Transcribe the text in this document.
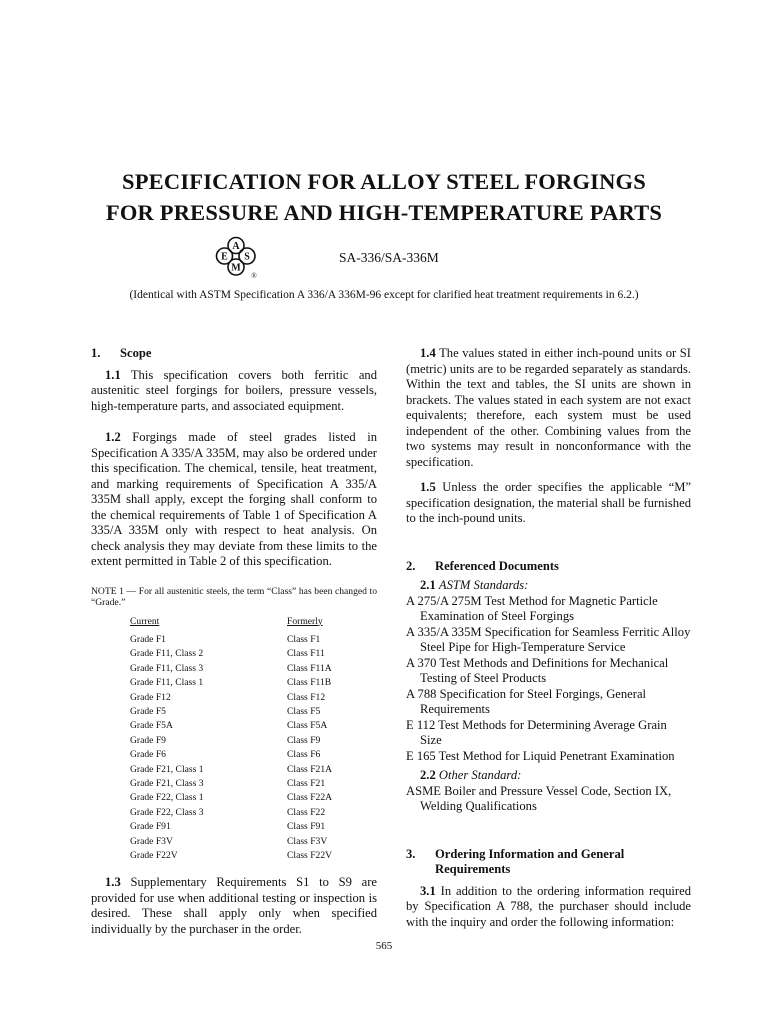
SPECIFICATION FOR ALLOY STEEL FORGINGS
FOR PRESSURE AND HIGH-TEMPERATURE PARTS
A
E S
M
®
SA-336/SA-336M
(Identical with ASTM Specification A 336/A 336M-96 except for clarified heat treatment requirements in 6.2.)
1.	Scope

1.1 This specification covers both ferritic and austenitic steel forgings for boilers, pressure vessels, high-temperature parts, and associated equipment.

1.2 Forgings made of steel grades listed in Specification A 335/A 335M, may also be ordered under this specification. The chemical, tensile, heat treatment, and marking requirements of Specification A 335/A 335M shall apply, except the forging shall conform to the chemical requirements of Table 1 of Specification A 335/A 335M only with respect to heat analysis. On check analysis they may deviate from these limits to the extent permitted in Table 2 of this specification.

NOTE 1 — For all austenitic steels, the term “Class” has been changed to “Grade.”
Current	Formerly
Grade F1	Class F1
Grade F11, Class 2	Class F11
Grade F11, Class 3	Class F11A
Grade F11, Class 1	Class F11B
Grade F12	Class F12
Grade F5	Class F5
Grade F5A	Class F5A
Grade F9	Class F9
Grade F6	Class F6
Grade F21, Class 1	Class F21A
Grade F21, Class 3	Class F21
Grade F22, Class 1	Class F22A
Grade F22, Class 3	Class F22
Grade F91	Class F91
Grade F3V	Class F3V
Grade F22V	Class F22V

1.3 Supplementary Requirements S1 to S9 are provided for use when additional testing or inspection is desired. These shall apply only when specified individually by the purchaser in the order.

1.4 The values stated in either inch-pound units or SI (metric) units are to be regarded separately as standards. Within the text and tables, the SI units are shown in brackets. The values stated in each system are not exact equivalents; therefore, each system must be used independent of the other. Combining values from the two systems may result in nonconformance with the specification.

1.5 Unless the order specifies the applicable “M” specification designation, the material shall be furnished to the inch-pound units.

2.	Referenced Documents
2.1 ASTM Standards:
A 275/A 275M Test Method for Magnetic Particle Examination of Steel Forgings
A 335/A 335M Specification for Seamless Ferritic Alloy Steel Pipe for High-Temperature Service
A 370 Test Methods and Definitions for Mechanical Testing of Steel Products
A 788 Specification for Steel Forgings, General Requirements
E 112 Test Methods for Determining Average Grain Size
E 165 Test Method for Liquid Penetrant Examination
2.2 Other Standard:
ASME Boiler and Pressure Vessel Code, Section IX, Welding Qualifications
3.	Ordering Information and General
Requirements

3.1 In addition to the ordering information required by Specification A 788, the purchaser should include with the inquiry and order the following information:

565
